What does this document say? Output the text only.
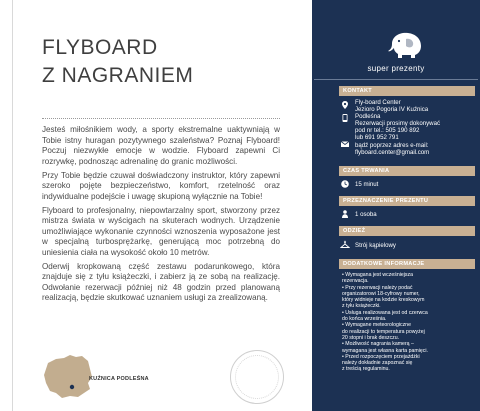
FLYBOARD
Z NAGRANIEM

Jesteś miłośnikiem wody, a sporty ekstremalne uaktywniają w Tobie istny huragan pozytywnego szaleństwa? Poznaj Flyboard! Poczuj niezwykłe emocje w wodzie. Flyboard zapewni Ci rozrywkę, podnosząc adrenalinę do granic możliwości.

Przy Tobie będzie czuwał doświadczony instruktor, który zapewni szeroko pojęte bezpieczeństwo, komfort, rzetelność oraz indywidualne podejście i uwagę skupioną wyłącznie na Tobie!

Flyboard to profesjonalny, niepowtarzalny sport, stworzony przez mistrza świata w wyścigach na skuterach wodnych. Urządzenie umożliwiające wykonanie czynności wznoszenia wyposażone jest w specjalną turbosprężarkę, generującą moc potrzebną do uniesienia ciała na wysokość około 10 metrów.

Oderwij kropkowaną część zestawu podarunkowego, która znajduje się z tyłu książeczki, i zabierz ją ze sobą na realizację. Odwołanie rezerwacji później niż 48 godzin przed planowaną realizacją, będzie skutkować uznaniem usługi za zrealizowaną.

KUŹNICA PODLEŚNA
super prezenty
KONTAKT
Fly-board Center
Jezioro Pogoria IV Kuźnica
Podleśna
Rezerwacji prosimy dokonywać
pod nr tel.: 505 190 892
lub 691 952 791
bądź poprzez adres e-mail:
flyboard.center@gmail.com
CZAS TRWANIA
15 minut
PRZEZNACZENIE PREZENTU
1 osoba
ODZIEŻ
Strój kąpielowy
DODATKOWE INFORMACJE
• Wymagana jest wcześniejsza
rezerwacja.
• Przy rezerwacji należy podać
organizatorowi 18-cyfrowy numer,
który widnieje na kodzie kreskowym
z tyłu książeczki.
• Usługa realizowana jest od czerwca
do końca września.
• Wymagane meteorologiczne
do realizacji to temperatura powyżej
20 stopni i brak deszczu.
• Możliwość nagrania kamerą –
wymagana jest własna karta pamięci.
• Przed rozpoczęciem przejażdżki
należy dokładnie zapoznać się
z treścią regulaminu.
